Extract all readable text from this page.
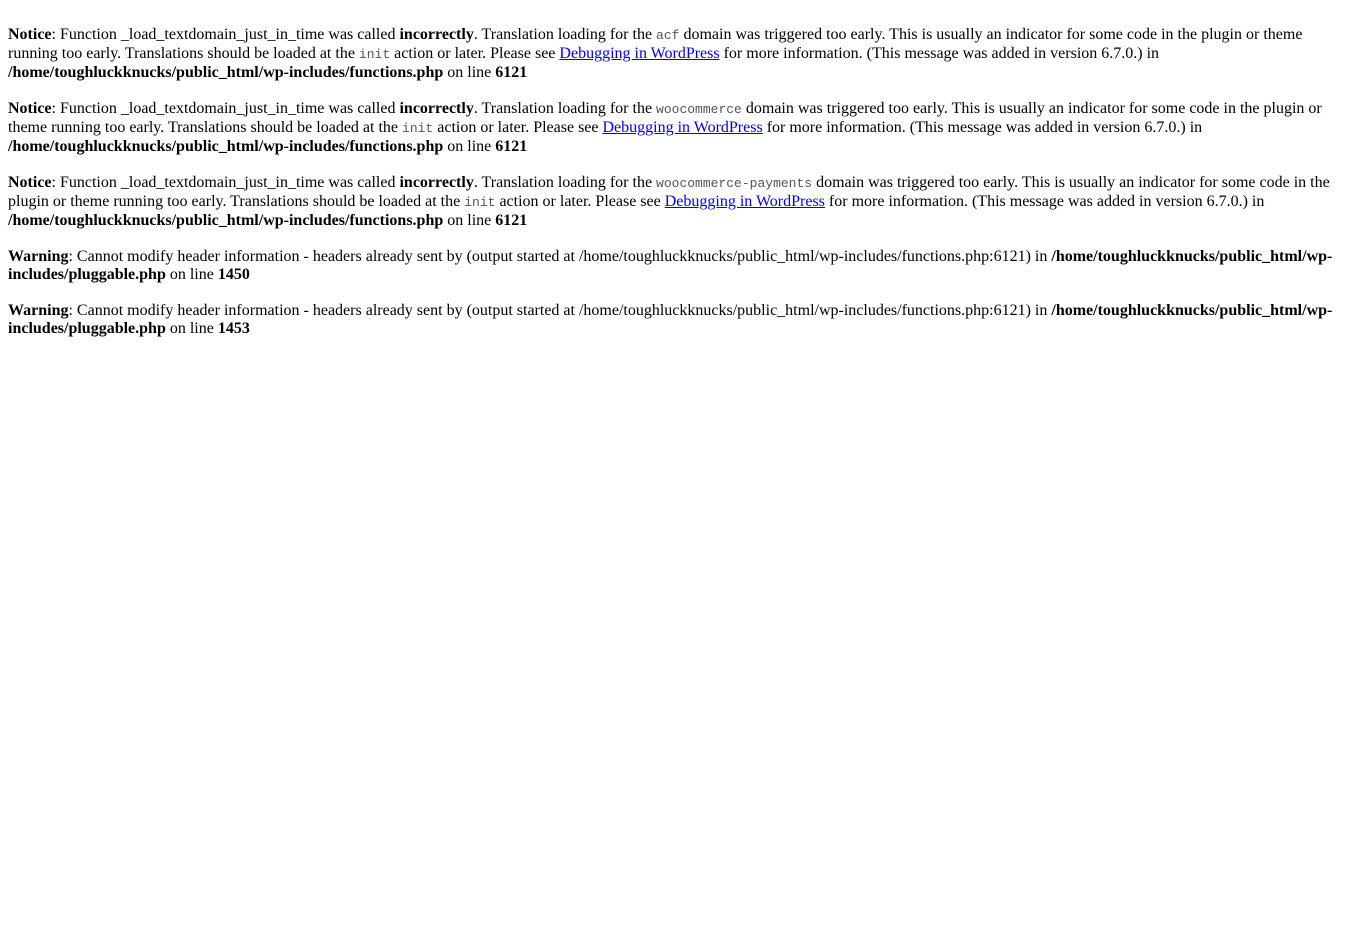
Notice: Function _load_textdomain_just_in_time was called incorrectly. Translation loading for the acf domain was triggered too early. This is usually an indicator for some code in the plugin or theme running too early. Translations should be loaded at the init action or later. Please see Debugging in WordPress for more information. (This message was added in version 6.7.0.) in /home/toughluckknucks/public_html/wp-includes/functions.php on line 6121
Notice: Function _load_textdomain_just_in_time was called incorrectly. Translation loading for the woocommerce domain was triggered too early. This is usually an indicator for some code in the plugin or theme running too early. Translations should be loaded at the init action or later. Please see Debugging in WordPress for more information. (This message was added in version 6.7.0.) in /home/toughluckknucks/public_html/wp-includes/functions.php on line 6121
Notice: Function _load_textdomain_just_in_time was called incorrectly. Translation loading for the woocommerce-payments domain was triggered too early. This is usually an indicator for some code in the plugin or theme running too early. Translations should be loaded at the init action or later. Please see Debugging in WordPress for more information. (This message was added in version 6.7.0.) in /home/toughluckknucks/public_html/wp-includes/functions.php on line 6121
Warning: Cannot modify header information - headers already sent by (output started at /home/toughluckknucks/public_html/wp-includes/functions.php:6121) in /home/toughluckknucks/public_html/wp-includes/pluggable.php on line 1450
Warning: Cannot modify header information - headers already sent by (output started at /home/toughluckknucks/public_html/wp-includes/functions.php:6121) in /home/toughluckknucks/public_html/wp-includes/pluggable.php on line 1453
